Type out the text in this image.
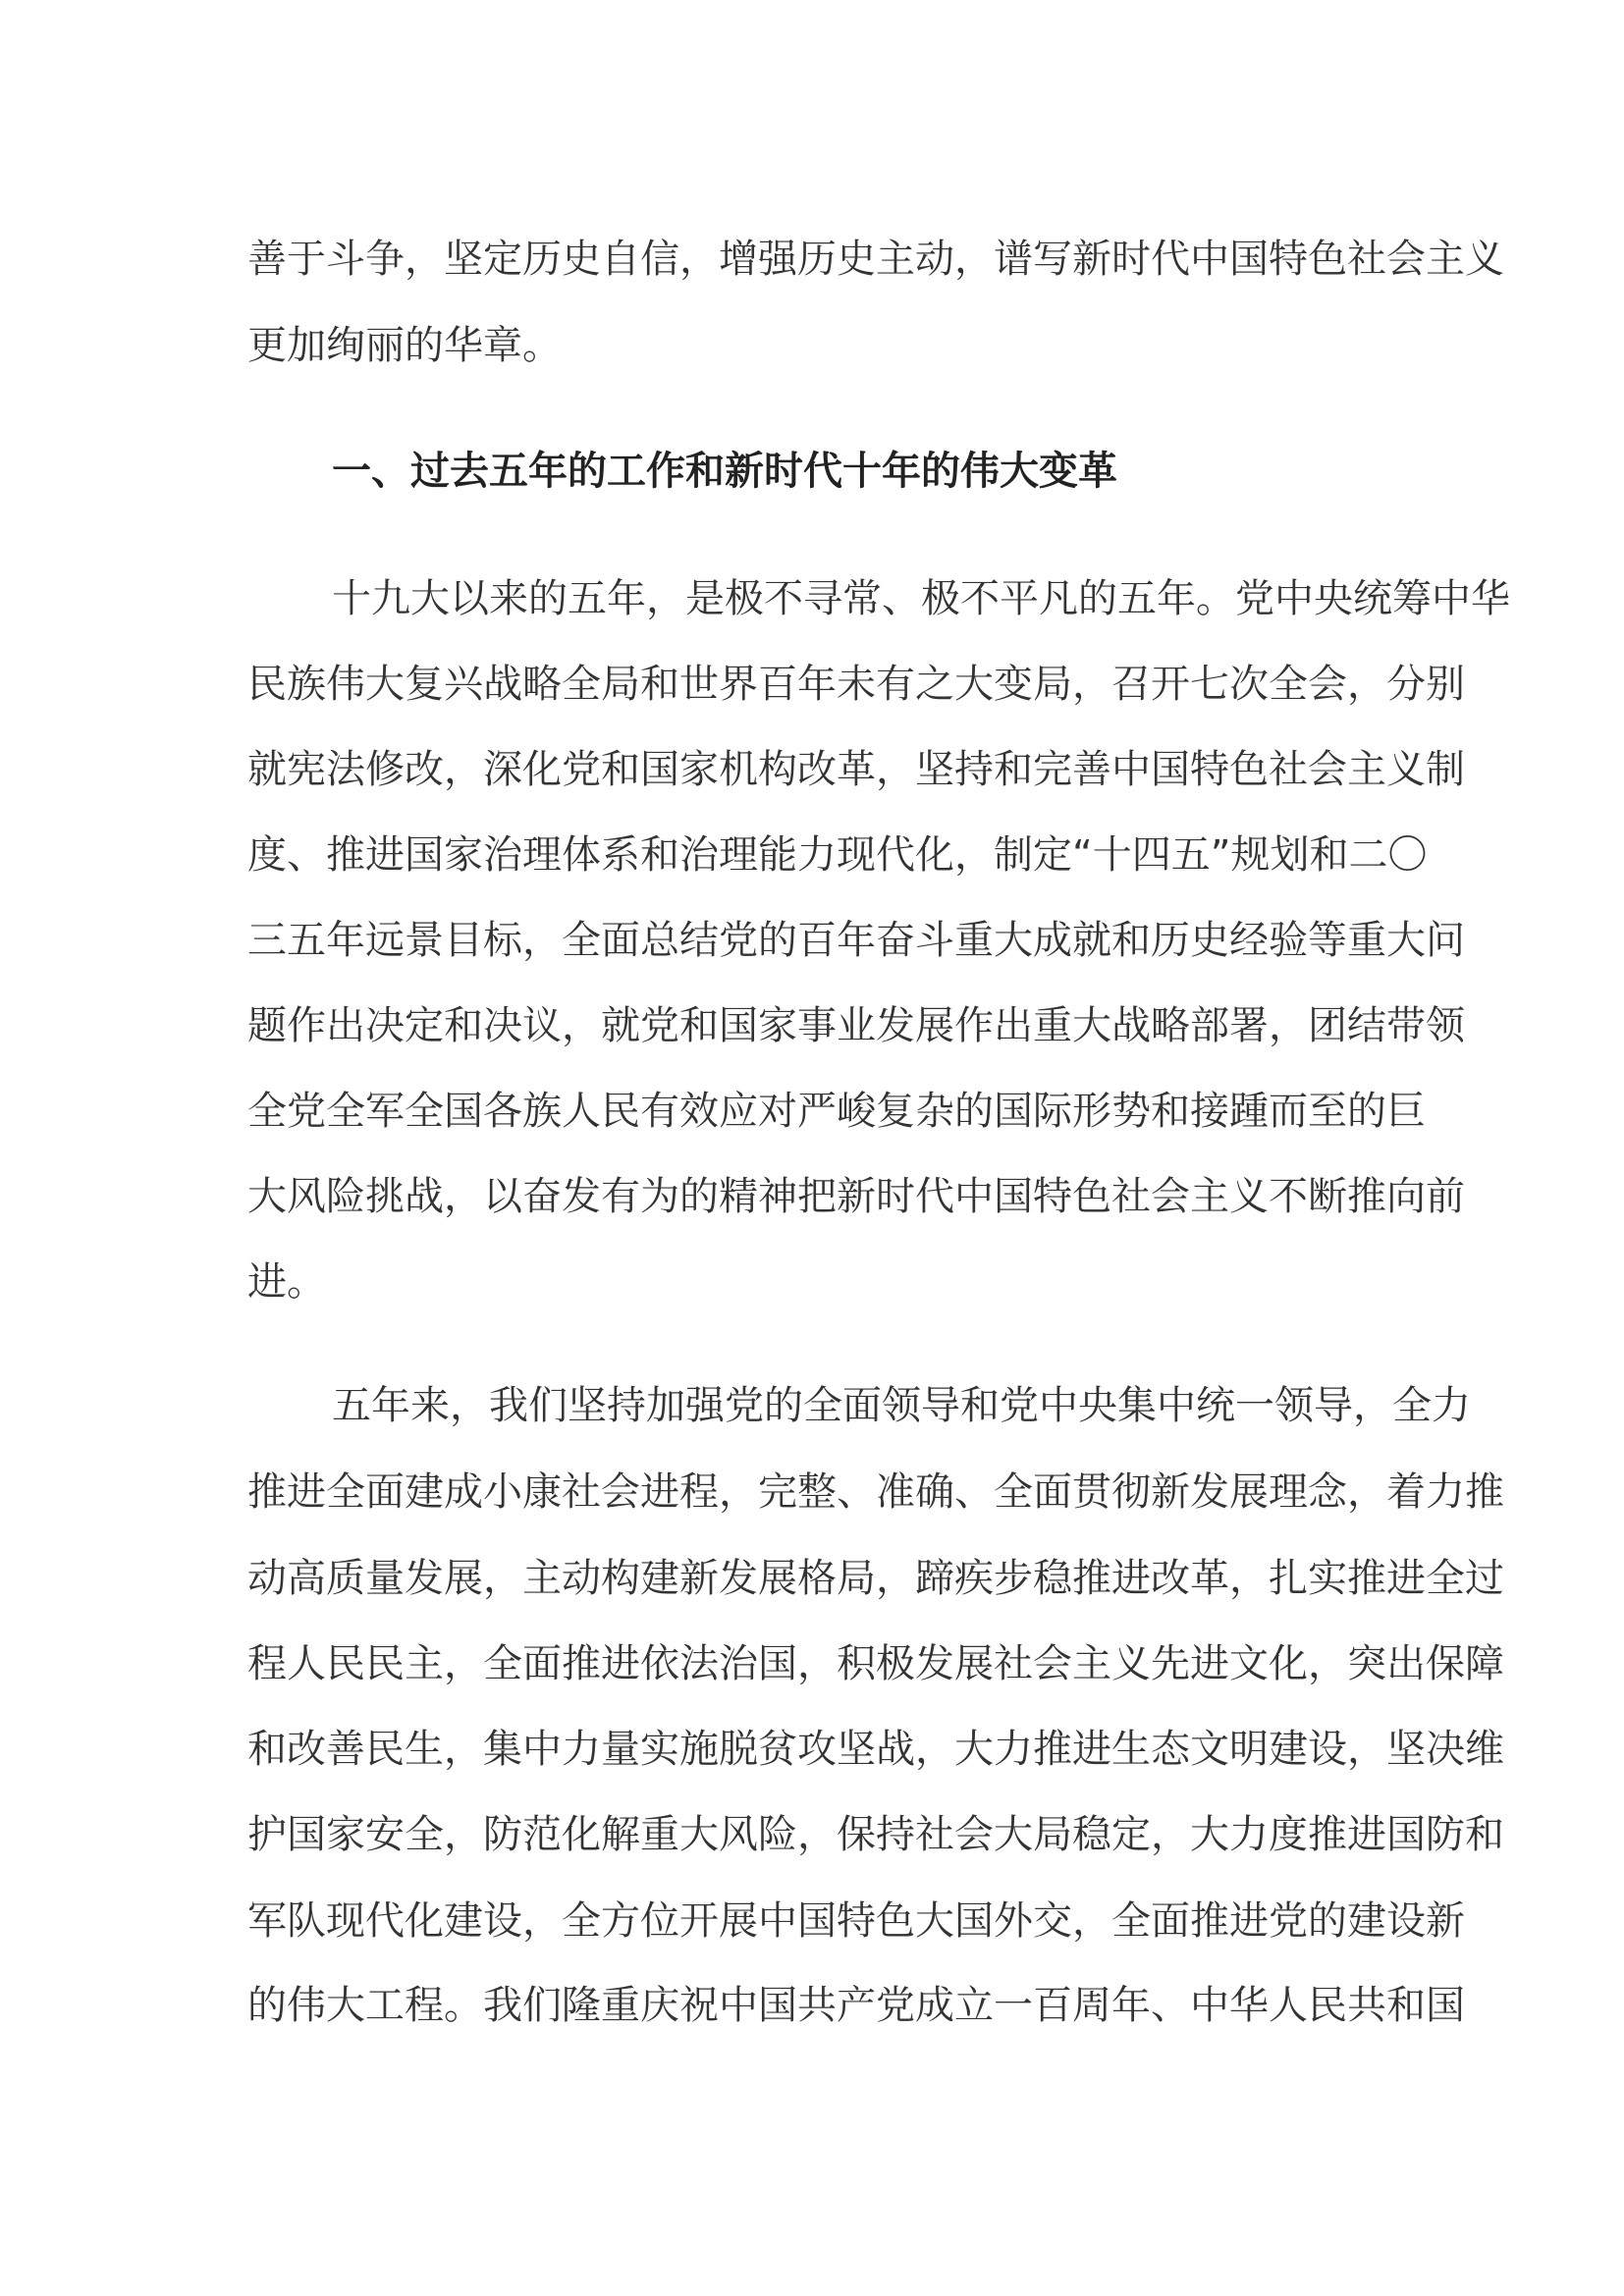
善于斗争，坚定历史自信，增强历史主动，谱写新时代中国特色社会主义
更加绚丽的华章。
一、过去五年的工作和新时代十年的伟大变革
十九大以来的五年，是极不寻常、极不平凡的五年。党中央统筹中华
民族伟大复兴战略全局和世界百年未有之大变局，召开七次全会，分别
就宪法修改，深化党和国家机构改革，坚持和完善中国特色社会主义制
度、推进国家治理体系和治理能力现代化，制定“十四五”规划和二〇
三五年远景目标，全面总结党的百年奋斗重大成就和历史经验等重大问
题作出决定和决议，就党和国家事业发展作出重大战略部署，团结带领
全党全军全国各族人民有效应对严峻复杂的国际形势和接踵而至的巨
大风险挑战，以奋发有为的精神把新时代中国特色社会主义不断推向前
进。
五年来，我们坚持加强党的全面领导和党中央集中统一领导，全力
推进全面建成小康社会进程，完整、准确、全面贯彻新发展理念，着力推
动高质量发展，主动构建新发展格局，蹄疾步稳推进改革，扎实推进全过
程人民民主，全面推进依法治国，积极发展社会主义先进文化，突出保障
和改善民生，集中力量实施脱贫攻坚战，大力推进生态文明建设，坚决维
护国家安全，防范化解重大风险，保持社会大局稳定，大力度推进国防和
军队现代化建设，全方位开展中国特色大国外交，全面推进党的建设新
的伟大工程。我们隆重庆祝中国共产党成立一百周年、中华人民共和国
